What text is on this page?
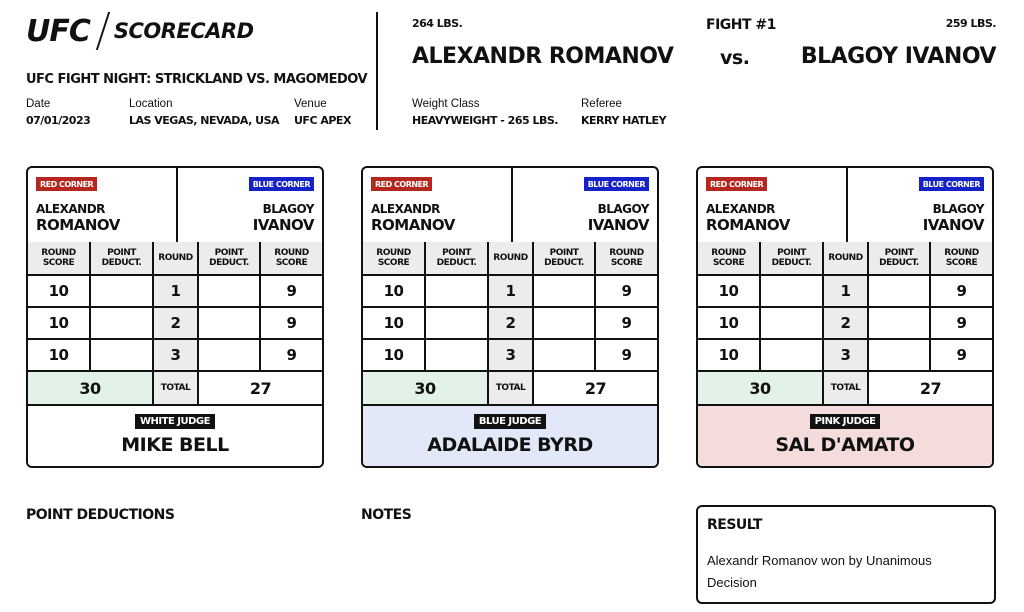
UFC SCORECARD
UFC FIGHT NIGHT: STRICKLAND VS. MAGOMEDOV
Date
07/01/2023
Location
LAS VEGAS, NEVADA, USA
Venue
UFC APEX
264 LBS.
ALEXANDR ROMANOV
FIGHT #1
vs.
259 LBS.
BLAGOY IVANOV
Weight Class
HEAVYWEIGHT - 265 LBS.
Referee
KERRY HATLEY
RED CORNER	BLUE CORNER
ALEXANDR
ROMANOV
BLAGOY
IVANOV
ROUND SCORE	POINT DEDUCT.	ROUND	POINT DEDUCT.	ROUND SCORE
10		1		9
10		2		9
10		3		9
30		TOTAL	27	
WHITE JUDGE
MIKE BELL
RED CORNER	BLUE CORNER
ALEXANDR
ROMANOV
BLAGOY
IVANOV
ROUND SCORE	POINT DEDUCT.	ROUND	POINT DEDUCT.	ROUND SCORE
10		1		9
10		2		9
10		3		9
30		TOTAL	27	
BLUE JUDGE
ADALAIDE BYRD
RED CORNER	BLUE CORNER
ALEXANDR
ROMANOV
BLAGOY
IVANOV
ROUND SCORE	POINT DEDUCT.	ROUND	POINT DEDUCT.	ROUND SCORE
10		1		9
10		2		9
10		3		9
30		TOTAL	27	
PINK JUDGE
SAL D'AMATO
POINT DEDUCTIONS	NOTES
RESULT
Alexandr Romanov won by Unanimous Decision
